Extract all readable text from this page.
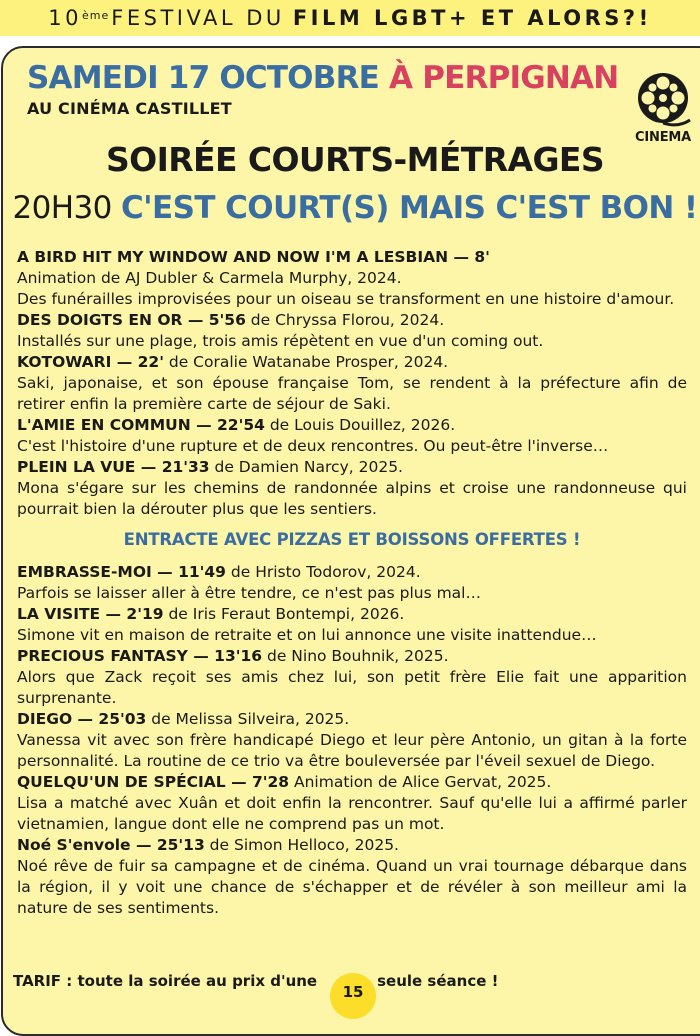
10ème FESTIVAL DU FILM LGBT+ ET ALORS?!
SAMEDI 17 OCTOBRE À PERPIGNAN
AU CINÉMA CASTILLET
CINEMA
SOIRÉE COURTS-MÉTRAGES
20H30 C'EST COURT(S) MAIS C'EST BON !

A BIRD HIT MY WINDOW AND NOW I'M A LESBIAN — 8'

Animation de AJ Dubler & Carmela Murphy, 2024.

Des funérailles improvisées pour un oiseau se transforment en une histoire d'amour.

DES DOIGTS EN OR — 5'56 de Chryssa Florou, 2024.

Installés sur une plage, trois amis répètent en vue d'un coming out.

KOTOWARI — 22' de Coralie Watanabe Prosper, 2024.

Saki, japonaise, et son épouse française Tom, se rendent à la préfecture afin de retirer enfin la première carte de séjour de Saki.

L'AMIE EN COMMUN — 22'54 de Louis Douillez, 2026.

C'est l'histoire d'une rupture et de deux rencontres. Ou peut-être l'inverse…

PLEIN LA VUE — 21'33 de Damien Narcy, 2025.

Mona s'égare sur les chemins de randonnée alpins et croise une randonneuse qui pourrait bien la dérouter plus que les sentiers.

ENTRACTE AVEC PIZZAS ET BOISSONS OFFERTES !

EMBRASSE-MOI — 11'49 de Hristo Todorov, 2024.

Parfois se laisser aller à être tendre, ce n'est pas plus mal…

LA VISITE — 2'19 de Iris Feraut Bontempi, 2026.

Simone vit en maison de retraite et on lui annonce une visite inattendue…

PRECIOUS FANTASY — 13'16 de Nino Bouhnik, 2025.

Alors que Zack reçoit ses amis chez lui, son petit frère Elie fait une apparition surprenante.

DIEGO — 25'03 de Melissa Silveira, 2025.

Vanessa vit avec son frère handicapé Diego et leur père Antonio, un gitan à la forte personnalité. La routine de ce trio va être bouleversée par l'éveil sexuel de Diego.

QUELQU'UN DE SPÉCIAL — 7'28 Animation de Alice Gervat, 2025.

Lisa a matché avec Xuân et doit enfin la rencontrer. Sauf qu'elle lui a affirmé parler vietnamien, langue dont elle ne comprend pas un mot.

Noé S'envole — 25'13 de Simon Helloco, 2025.

Noé rêve de fuir sa campagne et de cinéma. Quand un vrai tournage débarque dans la région, il y voit une chance de s'échapper et de révéler à son meilleur ami la nature de ses sentiments.

TARIF : toute la soirée au prix d'une	seule séance !
15
